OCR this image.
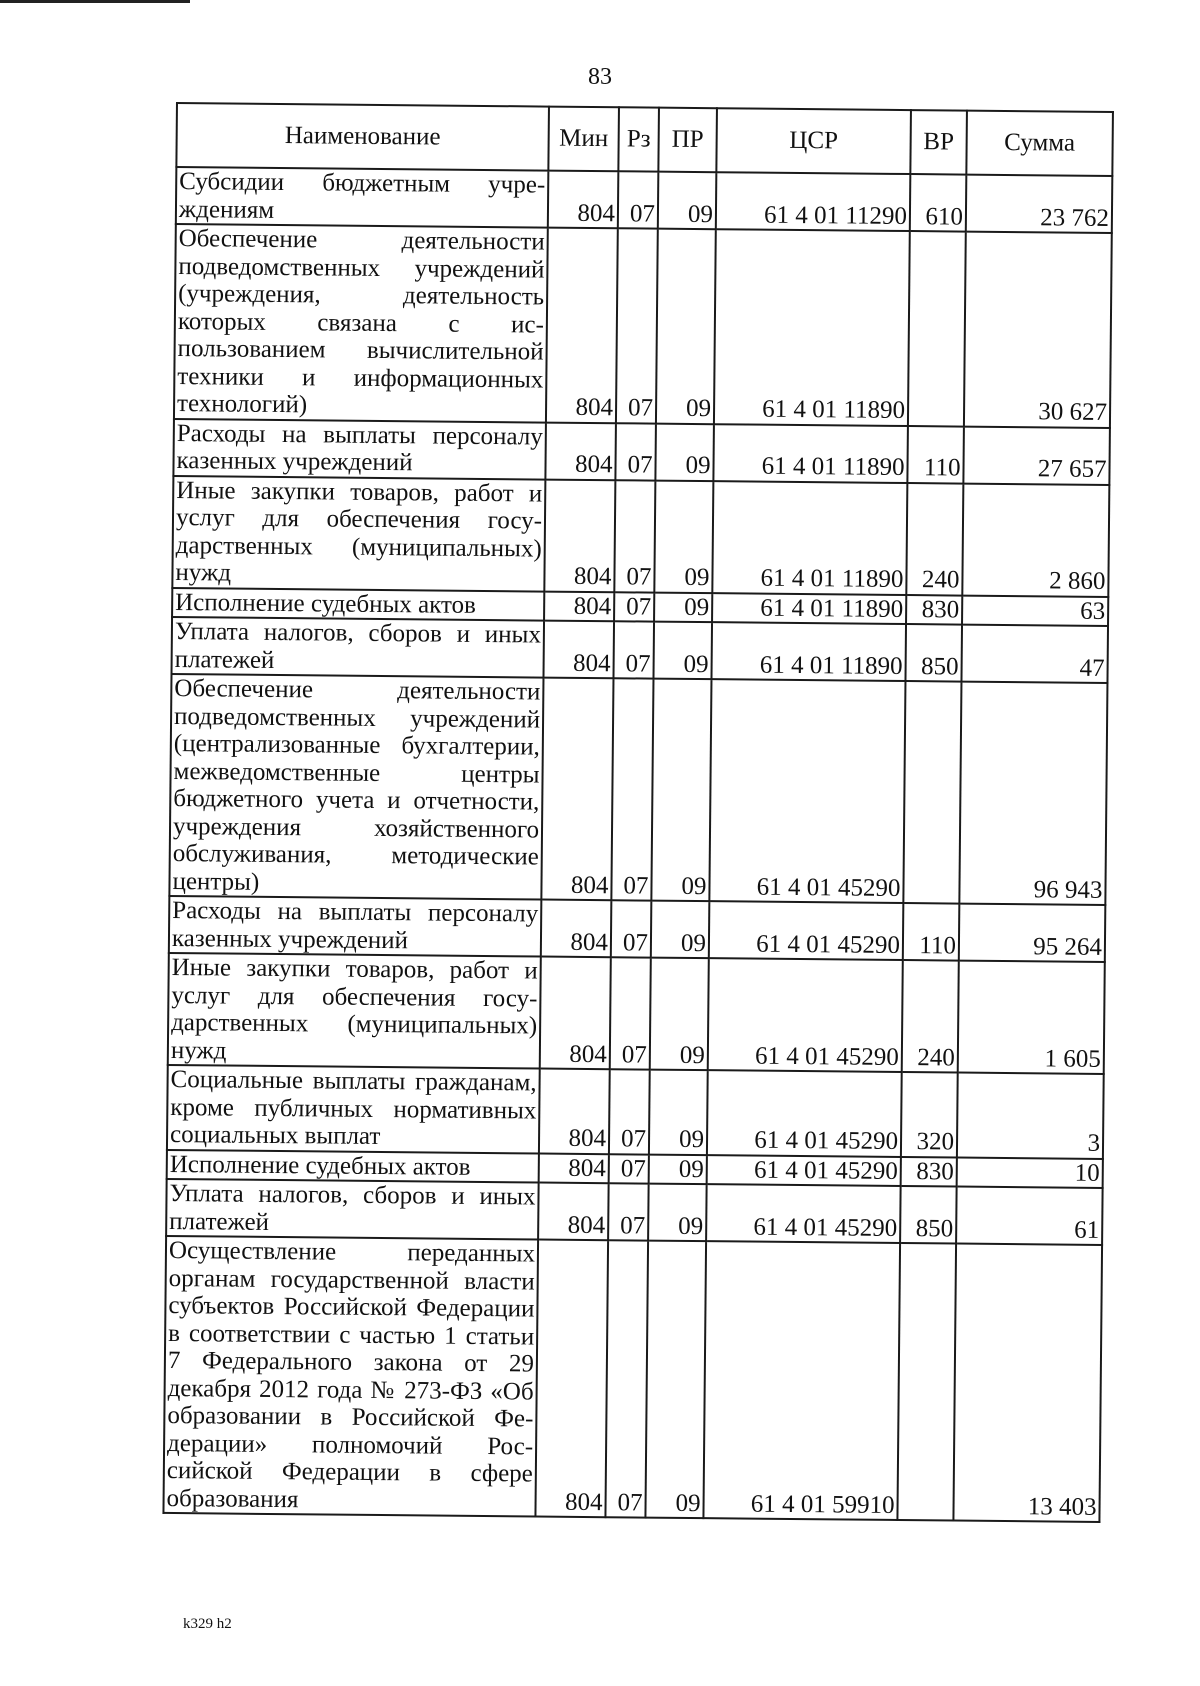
83
Наименование	Мин	Рз	ПР	ЦСР	ВР	Сумма
Субсидии бюджетным учреждениям	804	07	09	61 4 01 11290	610	23 762
Обеспечение деятельности подведомственных учреждений (учреждения, деятельность которых связана с использованием вычислительной техники и информационных технологий)	804	07	09	61 4 01 11890		30 627
Расходы на выплаты персоналу казенных учреждений	804	07	09	61 4 01 11890	110	27 657
Иные закупки товаров, работ и услуг для обеспечения государственных (муниципальных) нужд	804	07	09	61 4 01 11890	240	2 860
Исполнение судебных актов	804	07	09	61 4 01 11890	830	63
Уплата налогов, сборов и иных платежей	804	07	09	61 4 01 11890	850	47
Обеспечение деятельности подведомственных учреждений (централизованные бухгалтерии, межведомственные центры бюджетного учета и отчетности, учреждения хозяйственного обслуживания, методические центры)	804	07	09	61 4 01 45290		96 943
Расходы на выплаты персоналу казенных учреждений	804	07	09	61 4 01 45290	110	95 264
Иные закупки товаров, работ и услуг для обеспечения государственных (муниципальных) нужд	804	07	09	61 4 01 45290	240	1 605
Социальные выплаты гражданам, кроме публичных нормативных социальных выплат	804	07	09	61 4 01 45290	320	3
Исполнение судебных актов	804	07	09	61 4 01 45290	830	10
Уплата налогов, сборов и иных платежей	804	07	09	61 4 01 45290	850	61
Осуществление переданных органам государственной власти субъектов Российской Федерации в соответствии с частью 1 статьи 7 Федерального закона от 29 декабря 2012 года № 273-ФЗ «Об образовании в Российской Федерации» полномочий Российской Федерации в сфере образования	804	07	09	61 4 01 59910		13 403
k329 h2
